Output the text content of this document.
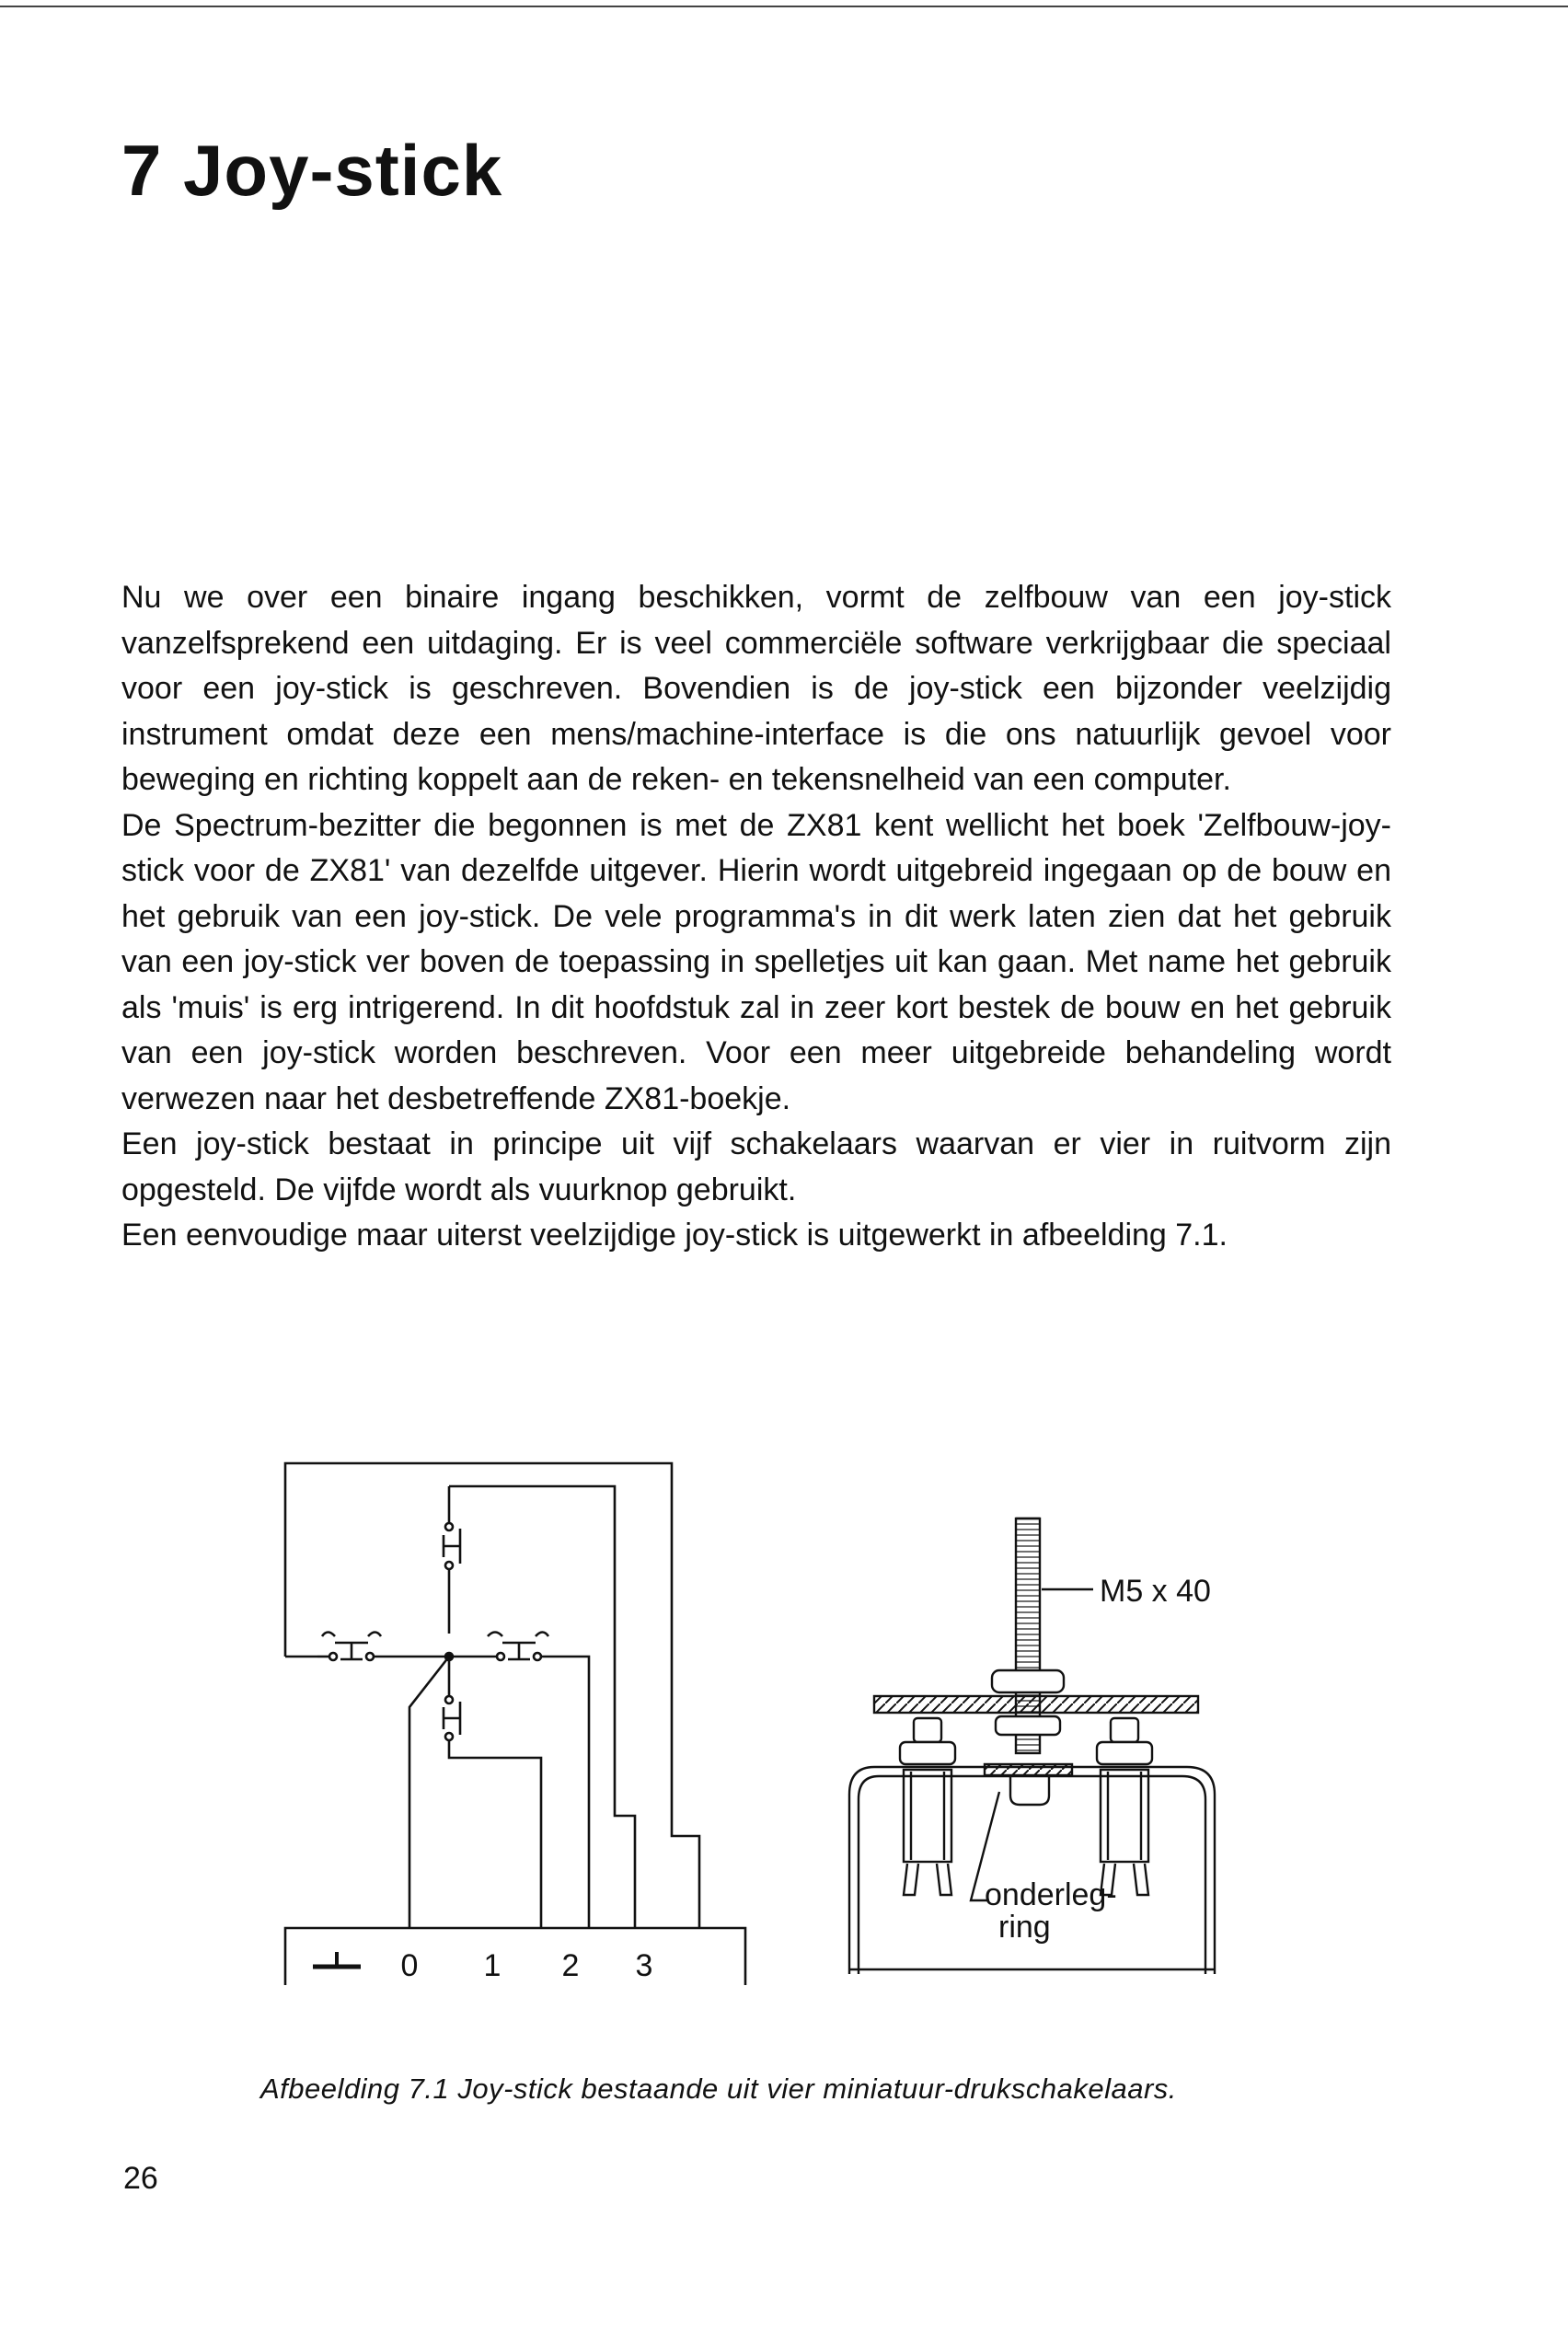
7 Joy-stick

Nu we over een binaire ingang beschikken, vormt de zelfbouw van een joy-stick vanzelfsprekend een uitdaging. Er is veel commerciële software verkrijgbaar die speciaal voor een joy-stick is geschreven. Bovendien is de joy-stick een bijzonder veelzijdig instrument omdat deze een mens/machine-interface is die ons natuurlijk gevoel voor beweging en richting koppelt aan de reken- en tekensnelheid van een computer.

De Spectrum-bezitter die begonnen is met de ZX81 kent wellicht het boek 'Zelfbouw-joy-stick voor de ZX81' van dezelfde uitgever. Hierin wordt uitgebreid ingegaan op de bouw en het gebruik van een joy-stick. De vele programma's in dit werk laten zien dat het gebruik van een joy-stick ver boven de toepassing in spelletjes uit kan gaan. Met name het gebruik als 'muis' is erg intrigerend. In dit hoofdstuk zal in zeer kort bestek de bouw en het gebruik van een joy-stick worden beschreven. Voor een meer uitgebreide behandeling wordt verwezen naar het desbetreffende ZX81-boekje.

Een joy-stick bestaat in principe uit vijf schakelaars waarvan er vier in ruitvorm zijn opgesteld. De vijfde wordt als vuurknop gebruikt.

Een eenvoudige maar uiterst veelzijdige joy-stick is uitgewerkt in afbeelding 7.1.

0 1 2 3
M5 x 40
onderleg-
ring

Afbeelding 7.1 Joy-stick bestaande uit vier miniatuur-drukschakelaars.

26
